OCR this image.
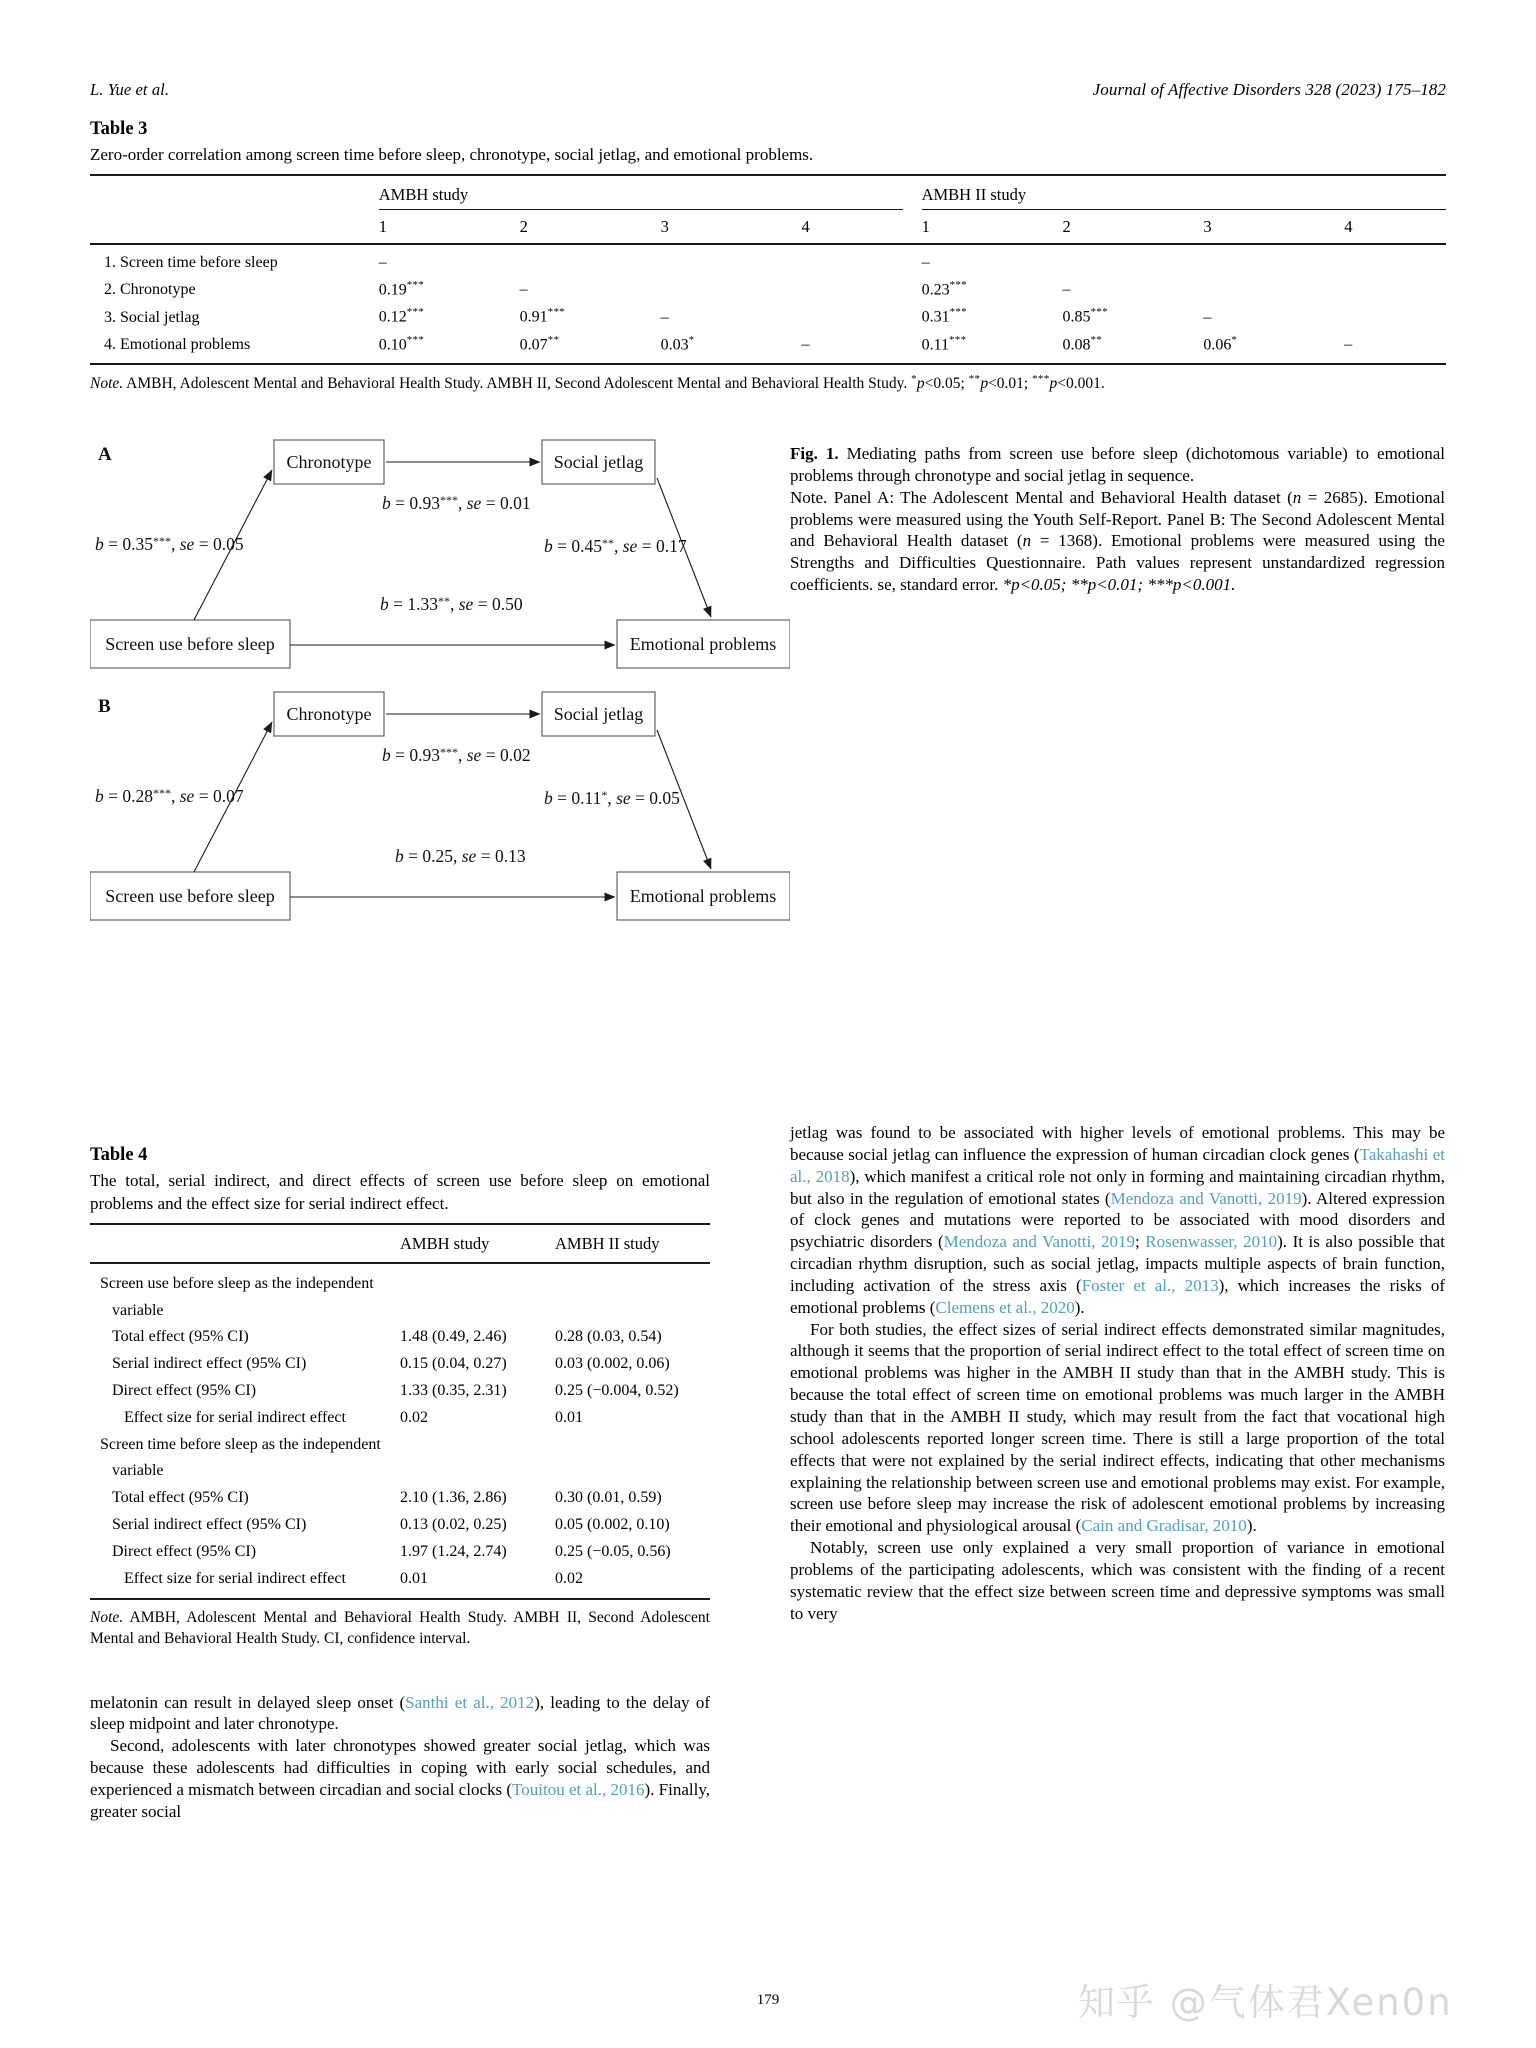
L. Yue et al.	Journal of Affective Disorders 328 (2023) 175–182
Table 3
Zero-order correlation among screen time before sleep, chronotype, social jetlag, and emotional problems.
	AMBH study					AMBH II study			

	1	2	3	4		1	2	3	4
1. Screen time before sleep	–					–			
2. Chronotype	0.19***	–				0.23***	–		
3. Social jetlag	0.12***	0.91***	–			0.31***	0.85***	–	
4. Emotional problems	0.10***	0.07**	0.03*	–		0.11***	0.08**	0.06*	–
Note. AMBH, Adolescent Mental and Behavioral Health Study. AMBH II, Second Adolescent Mental and Behavioral Health Study. *p<0.05; **p<0.01; ***p<0.001.
A	Chronotype	Social jetlag
Screen use before sleep	Emotional problems
b = 0.35***, se = 0.05
b = 0.93***, se = 0.01
b = 0.45**, se = 0.17
b = 1.33**, se = 0.50
B	Chronotype	Social jetlag
Screen use before sleep	Emotional problems
b = 0.28***, se = 0.07
b = 0.93***, se = 0.02
b = 0.11*, se = 0.05
b = 0.25, se = 0.13
Fig. 1. Mediating paths from screen use before sleep (dichotomous variable) to emotional problems through chronotype and social jetlag in sequence.
Note. Panel A: The Adolescent Mental and Behavioral Health dataset (n = 2685). Emotional problems were measured using the Youth Self-Report. Panel B: The Second Adolescent Mental and Behavioral Health dataset (n = 1368). Emotional problems were measured using the Strengths and Difficulties Questionnaire. Path values represent unstandardized regression coefficients. se, standard error. *p<0.05; **p<0.01; ***p<0.001.
Table 4
The total, serial indirect, and direct effects of screen use before sleep on emotional problems and the effect size for serial indirect effect.
	AMBH study	AMBH II study
Screen use before sleep as the independent		
variable		
Total effect (95% CI)	1.48 (0.49, 2.46)	0.28 (0.03, 0.54)
Serial indirect effect (95% CI)	0.15 (0.04, 0.27)	0.03 (0.002, 0.06)
Direct effect (95% CI)	1.33 (0.35, 2.31)	0.25 (−0.004, 0.52)
Effect size for serial indirect effect	0.02	0.01
Screen time before sleep as the independent		
variable		
Total effect (95% CI)	2.10 (1.36, 2.86)	0.30 (0.01, 0.59)
Serial indirect effect (95% CI)	0.13 (0.02, 0.25)	0.05 (0.002, 0.10)
Direct effect (95% CI)	1.97 (1.24, 2.74)	0.25 (−0.05, 0.56)
Effect size for serial indirect effect	0.01	0.02
Note. AMBH, Adolescent Mental and Behavioral Health Study. AMBH II, Second Adolescent Mental and Behavioral Health Study. CI, confidence interval.

melatonin can result in delayed sleep onset (Santhi et al., 2012), leading to the delay of sleep midpoint and later chronotype.

Second, adolescents with later chronotypes showed greater social jetlag, which was because these adolescents had difficulties in coping with early social schedules, and experienced a mismatch between circadian and social clocks (Touitou et al., 2016). Finally, greater social

jetlag was found to be associated with higher levels of emotional problems. This may be because social jetlag can influence the expression of human circadian clock genes (Takahashi et al., 2018), which manifest a critical role not only in forming and maintaining circadian rhythm, but also in the regulation of emotional states (Mendoza and Vanotti, 2019). Altered expression of clock genes and mutations were reported to be associated with mood disorders and psychiatric disorders (Mendoza and Vanotti, 2019; Rosenwasser, 2010). It is also possible that circadian rhythm disruption, such as social jetlag, impacts multiple aspects of brain function, including activation of the stress axis (Foster et al., 2013), which increases the risks of emotional problems (Clemens et al., 2020).

For both studies, the effect sizes of serial indirect effects demonstrated similar magnitudes, although it seems that the proportion of serial indirect effect to the total effect of screen time on emotional problems was higher in the AMBH II study than that in the AMBH study. This is because the total effect of screen time on emotional problems was much larger in the AMBH study than that in the AMBH II study, which may result from the fact that vocational high school adolescents reported longer screen time. There is still a large proportion of the total effects that were not explained by the serial indirect effects, indicating that other mechanisms explaining the relationship between screen use and emotional problems may exist. For example, screen use before sleep may increase the risk of adolescent emotional problems by increasing their emotional and physiological arousal (Cain and Gradisar, 2010).

Notably, screen use only explained a very small proportion of variance in emotional problems of the participating adolescents, which was consistent with the finding of a recent systematic review that the effect size between screen time and depressive symptoms was small to very

179	知乎 @气体君Xen0n
